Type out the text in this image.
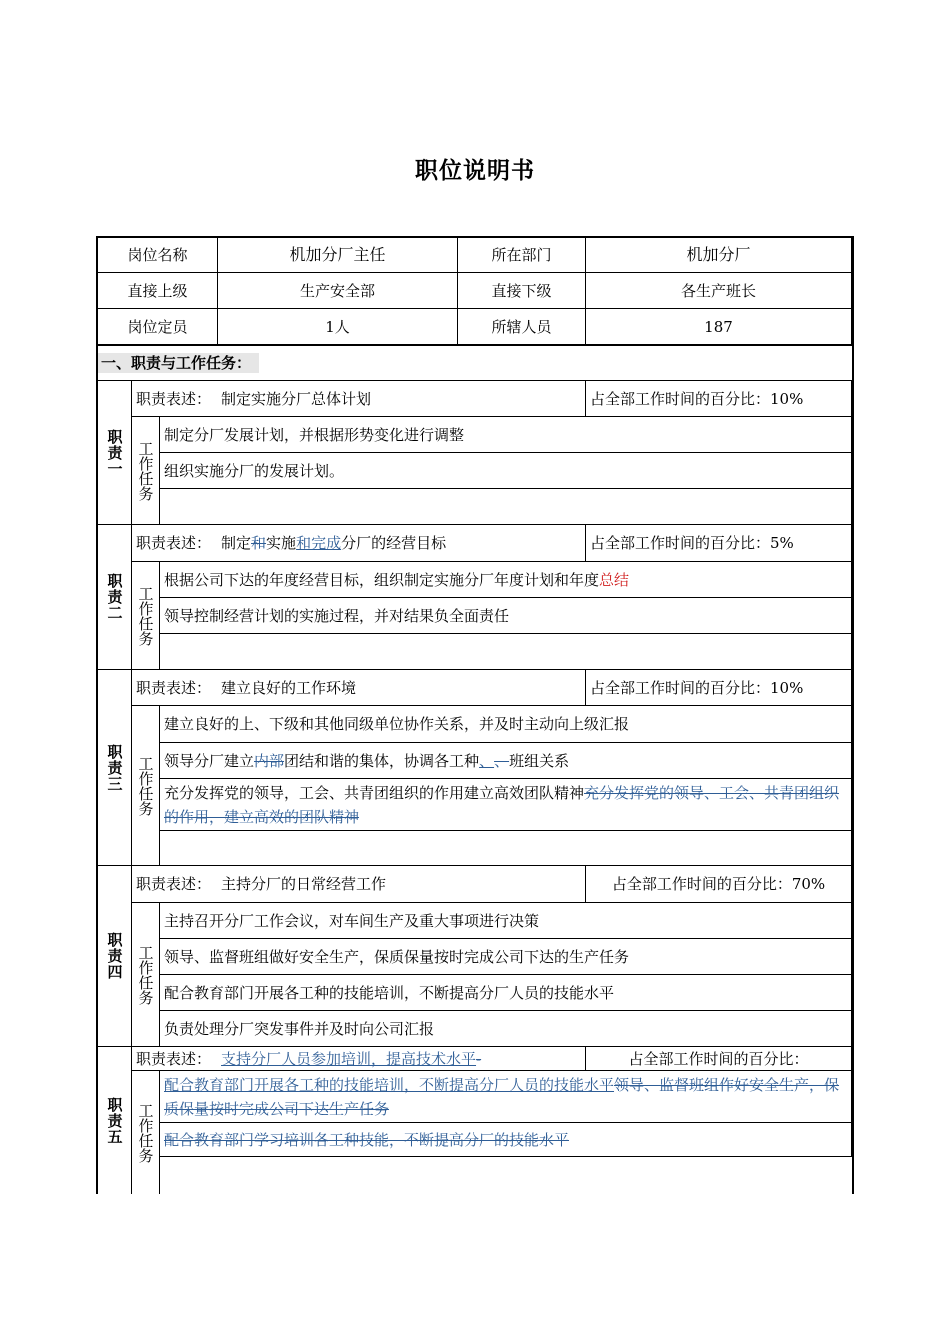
职位说明书
岗位名称	机加分厂主任	所在部门	机加分厂
直接上级	生产安全部	直接下级	各生产班长
岗位定员	1人	所辖人员	187
一、职责与工作任务：
职责一
职责表述： 制定实施分厂总体计划	占全部工作时间的百分比： 10%
工作任务
制定分厂发展计划，并根据形势变化进行调整
组织实施分厂的发展计划。
职责二
职责表述： 制定 和 实施 和完成 分厂的经营目标	占全部工作时间的百分比： 5%
工作任务
根据公司下达的年度经营目标，组织制定实施分厂年度计划和年度 总结
领导控制经营计划的实施过程，并对结果负全面责任
职责三
职责表述： 建立良好的工作环境	占全部工作时间的百分比： 10%
工作任务
建立良好的上、下级和其他同级单位协作关系，并及时主动向上级汇报
领导分厂建立 内部 团结和谐的集体，协调各工种 、 、 班组关系
充分发挥党的领导，工会、共青团组织的作用建立高效团队精神充分发挥党的领导、工会、共青团组织的作用，建立高效的团队精神
职责四
职责表述： 主持分厂的日常经营工作	占全部工作时间的百分比： 70%
工作任务
主持召开分厂工作会议，对车间生产及重大事项进行决策
领导、监督班组做好安全生产，保质保量按时完成公司下达的生产任务
配合教育部门开展各工种的技能培训，不断提高分厂人员的技能水平
负责处理分厂突发事件并及时向公司汇报
职责五
职责表述： 支持分厂人员参加培训，提高技术水平 -	占全部工作时间的百分比：
工作任务
配合教育部门开展各工种的技能培训，不断提高分厂人员的技能水平领导、监督班组作好安全生产，保质保量按时完成公司下达生产任务
配合教育部门学习培训各工种技能，不断提高分厂的技能水平
